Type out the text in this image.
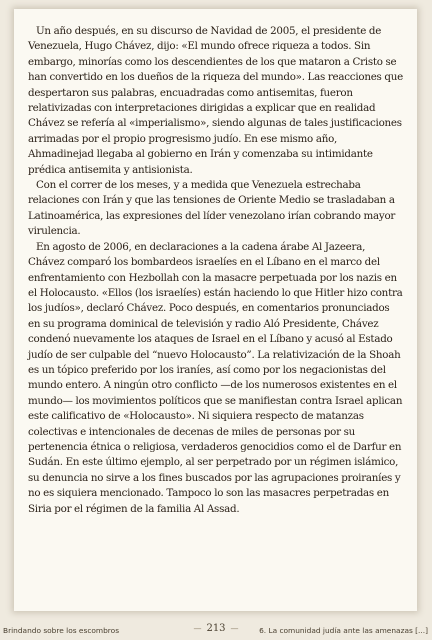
Un año después, en su discurso de Navidad de 2005, el presidente de Venezuela, Hugo Chávez, dijo: «El mundo ofrece riqueza a todos. Sin embargo, minorías como los descendientes de los que mataron a Cristo se han convertido en los dueños de la riqueza del mundo». Las reacciones que despertaron sus palabras, encuadradas como antisemitas, fueron relativizadas con interpretaciones dirigidas a explicar que en realidad Chávez se refería al «imperialismo», siendo algunas de tales justificaciones arrimadas por el propio progresismo judío. En ese mismo año, Ahmadinejad llegaba al gobierno en Irán y comenzaba su intimidante prédica antisemita y antisionista.

Con el correr de los meses, y a medida que Venezuela estrechaba relaciones con Irán y que las tensiones de Oriente Medio se trasladaban a Latinoamérica, las expresiones del líder venezolano irían cobrando mayor virulencia.

En agosto de 2006, en declaraciones a la cadena árabe Al Jazeera, Chávez comparó los bombardeos israelíes en el Líbano en el marco del enfrentamiento con Hezbollah con la masacre perpetuada por los nazis en el Holocausto. «Ellos (los israelíes) están haciendo lo que Hitler hizo contra los judíos», declaró Chávez. Poco después, en comentarios pronunciados en su programa dominical de televisión y radio Aló Presidente, Chávez condenó nuevamente los ataques de Israel en el Líbano y acusó al Estado judío de ser culpable del “nuevo Holocausto”. La relativización de la Shoah es un tópico preferido por los iraníes, así como por los negacionistas del mundo entero. A ningún otro conflicto —de los numerosos existentes en el mundo— los movimientos políticos que se manifiestan contra Israel aplican este calificativo de «Holocausto». Ni siquiera respecto de matanzas colectivas e intencionales de decenas de miles de personas por su pertenencia étnica o religiosa, verdaderos genocidios como el de Darfur en Sudán. En este último ejemplo, al ser perpetrado por un régimen islámico, su denuncia no sirve a los fines buscados por las agrupaciones proiraníes y no es siquiera mencionado. Tampoco lo son las masacres perpetradas en Siria por el régimen de la familia Al Assad.

Brindando sobre los escombros	— 213 —	6. La comunidad judía ante las amenazas [...]
